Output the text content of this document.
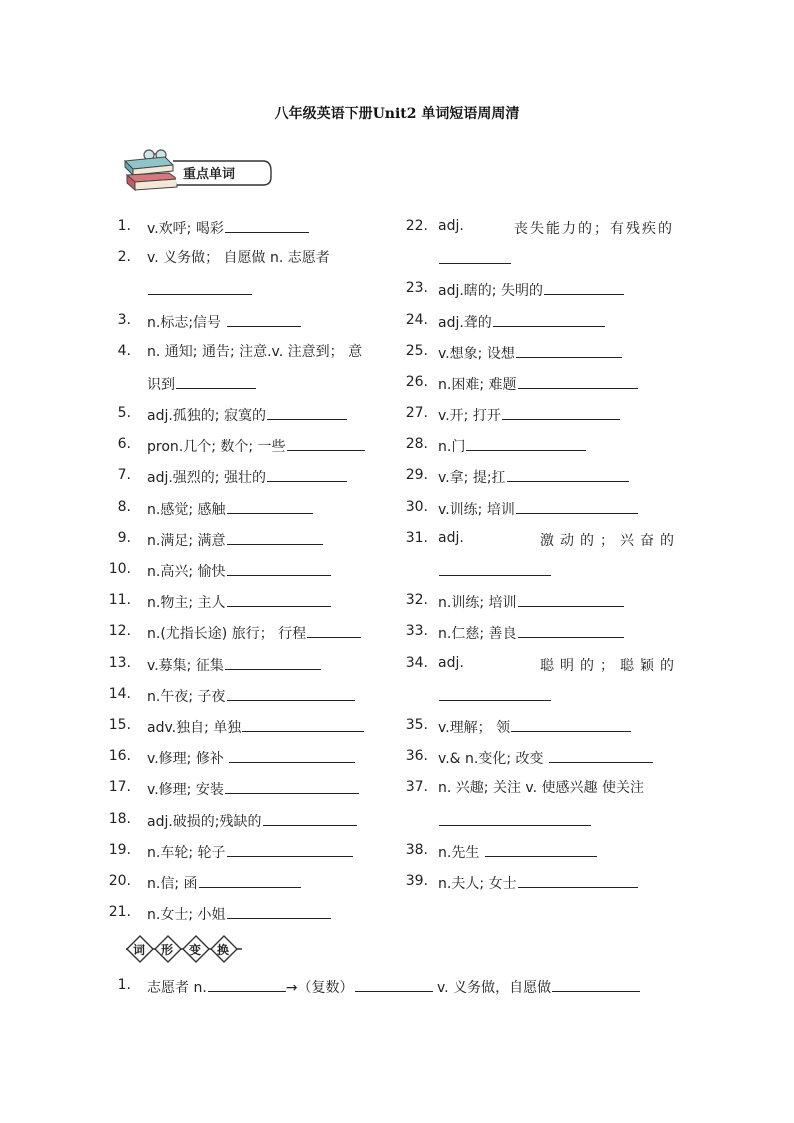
八年级英语下册Unit2 单词短语周周清
重点单词
1. v.欢呼; 喝彩
2. v. 义务做； 自愿做 n. 志愿者
3. n.标志;信号
4. n. 通知; 通告; 注意.v. 注意到； 意
识到
5. adj.孤独的; 寂寞的
6. pron.几个; 数个; 一些
7. adj.强烈的; 强壮的
8. n.感觉; 感触
9. n.满足; 满意
10. n.高兴; 愉快
11. n.物主; 主人
12. n.(尤指长途) 旅行； 行程
13. v.募集; 征集
14. n.午夜; 子夜
15. adv.独自; 单独
16. v.修理; 修补
17. v.修理; 安装
18. adj.破损的;残缺的
19. n.车轮; 轮子
20. n.信; 函
21. n.女士; 小姐
22. adj.	丧失能力的；有残疾的
23. adj.瞎的; 失明的
24. adj.聋的
25. v.想象; 设想
26. n.困难; 难题
27. v.开; 打开
28. n.门
29. v.拿; 提;扛
30. v.训练; 培训
31. adj.	激动的；兴奋的
32. n.训练; 培训
33. n.仁慈; 善良
34. adj.	聪明的；聪颖的
35. v.理解； 领
36. v.& n.变化; 改变
37. n. 兴趣; 关注 v. 使感兴趣 使关注
38. n.先生
39. n.夫人; 女士
词 形 变 换
1. 志愿者 n.	→（复数）	v. 义务做，自愿做
